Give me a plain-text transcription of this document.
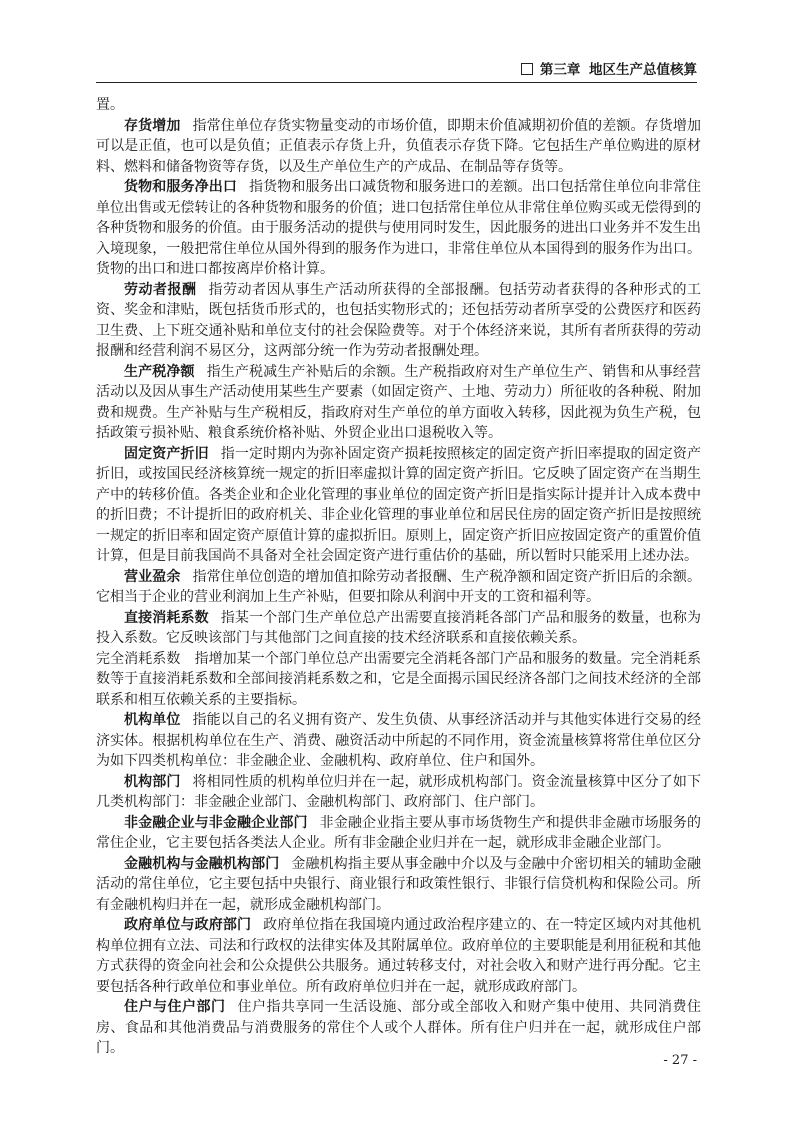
第三章 地区生产总值核算

置。

存货增加 指常住单位存货实物量变动的市场价值，即期末价值减期初价值的差额。存货增加可以是正值，也可以是负值；正值表示存货上升，负值表示存货下降。它包括生产单位购进的原材料、燃料和储备物资等存货，以及生产单位生产的产成品、在制品等存货等。

货物和服务净出口 指货物和服务出口减货物和服务进口的差额。出口包括常住单位向非常住单位出售或无偿转让的各种货物和服务的价值；进口包括常住单位从非常住单位购买或无偿得到的各种货物和服务的价值。由于服务活动的提供与使用同时发生，因此服务的进出口业务并不发生出入境现象，一般把常住单位从国外得到的服务作为进口，非常住单位从本国得到的服务作为出口。货物的出口和进口都按离岸价格计算。

劳动者报酬 指劳动者因从事生产活动所获得的全部报酬。包括劳动者获得的各种形式的工资、奖金和津贴，既包括货币形式的，也包括实物形式的；还包括劳动者所享受的公费医疗和医药卫生费、上下班交通补贴和单位支付的社会保险费等。对于个体经济来说，其所有者所获得的劳动报酬和经营利润不易区分，这两部分统一作为劳动者报酬处理。

生产税净额 指生产税减生产补贴后的余额。生产税指政府对生产单位生产、销售和从事经营活动以及因从事生产活动使用某些生产要素（如固定资产、土地、劳动力）所征收的各种税、附加费和规费。生产补贴与生产税相反，指政府对生产单位的单方面收入转移，因此视为负生产税，包括政策亏损补贴、粮食系统价格补贴、外贸企业出口退税收入等。

固定资产折旧 指一定时期内为弥补固定资产损耗按照核定的固定资产折旧率提取的固定资产折旧，或按国民经济核算统一规定的折旧率虚拟计算的固定资产折旧。它反映了固定资产在当期生产中的转移价值。各类企业和企业化管理的事业单位的固定资产折旧是指实际计提并计入成本费中的折旧费；不计提折旧的政府机关、非企业化管理的事业单位和居民住房的固定资产折旧是按照统一规定的折旧率和固定资产原值计算的虚拟折旧。原则上，固定资产折旧应按固定资产的重置价值计算，但是目前我国尚不具备对全社会固定资产进行重估价的基础，所以暂时只能采用上述办法。

营业盈余 指常住单位创造的增加值扣除劳动者报酬、生产税净额和固定资产折旧后的余额。它相当于企业的营业利润加上生产补贴，但要扣除从利润中开支的工资和福利等。

直接消耗系数 指某一个部门生产单位总产出需要直接消耗各部门产品和服务的数量，也称为投入系数。它反映该部门与其他部门之间直接的技术经济联系和直接依赖关系。

完全消耗系数　指增加某一个部门单位总产出需要完全消耗各部门产品和服务的数量。完全消耗系数等于直接消耗系数和全部间接消耗系数之和，它是全面揭示国民经济各部门之间技术经济的全部联系和相互依赖关系的主要指标。

机构单位 指能以自己的名义拥有资产、发生负债、从事经济活动并与其他实体进行交易的经济实体。根据机构单位在生产、消费、融资活动中所起的不同作用，资金流量核算将常住单位区分为如下四类机构单位：非金融企业、金融机构、政府单位、住户和国外。

机构部门 将相同性质的机构单位归并在一起，就形成机构部门。资金流量核算中区分了如下几类机构部门：非金融企业部门、金融机构部门、政府部门、住户部门。

非金融企业与非金融企业部门 非金融企业指主要从事市场货物生产和提供非金融市场服务的常住企业，它主要包括各类法人企业。所有非金融企业归并在一起，就形成非金融企业部门。

金融机构与金融机构部门 金融机构指主要从事金融中介以及与金融中介密切相关的辅助金融活动的常住单位，它主要包括中央银行、商业银行和政策性银行、非银行信贷机构和保险公司。所有金融机构归并在一起，就形成金融机构部门。

政府单位与政府部门 政府单位指在我国境内通过政治程序建立的、在一特定区域内对其他机构单位拥有立法、司法和行政权的法律实体及其附属单位。政府单位的主要职能是利用征税和其他方式获得的资金向社会和公众提供公共服务。通过转移支付，对社会收入和财产进行再分配。它主要包括各种行政单位和事业单位。所有政府单位归并在一起，就形成政府部门。

住户与住户部门 住户指共享同一生活设施、部分或全部收入和财产集中使用、共同消费住房、食品和其他消费品与消费服务的常住个人或个人群体。所有住户归并在一起，就形成住户部门。

- 27 -
